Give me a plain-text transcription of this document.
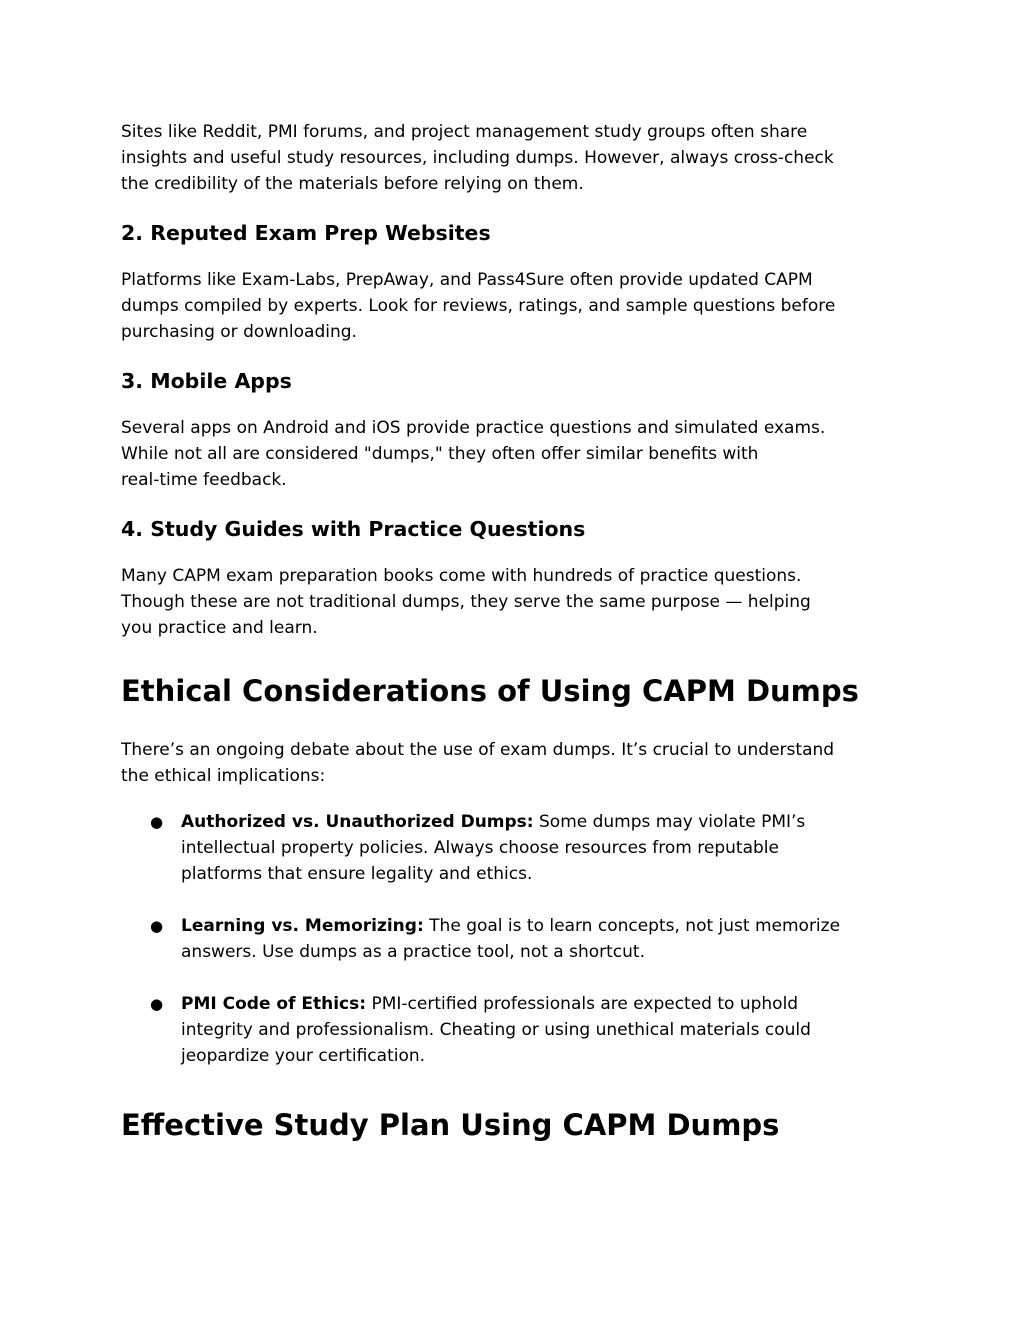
Sites like Reddit, PMI forums, and project management study groups often share
insights and useful study resources, including dumps. However, always cross-check
the credibility of the materials before relying on them.

2. Reputed Exam Prep Websites

Platforms like Exam-Labs, PrepAway, and Pass4Sure often provide updated CAPM
dumps compiled by experts. Look for reviews, ratings, and sample questions before
purchasing or downloading.

3. Mobile Apps

Several apps on Android and iOS provide practice questions and simulated exams.
While not all are considered "dumps," they often offer similar benefits with
real-time feedback.

4. Study Guides with Practice Questions

Many CAPM exam preparation books come with hundreds of practice questions.
Though these are not traditional dumps, they serve the same purpose — helping
you practice and learn.

Ethical Considerations of Using CAPM Dumps

There’s an ongoing debate about the use of exam dumps. It’s crucial to understand
the ethical implications:

● Authorized vs. Unauthorized Dumps: Some dumps may violate PMI’s
intellectual property policies. Always choose resources from reputable
platforms that ensure legality and ethics.
● Learning vs. Memorizing: The goal is to learn concepts, not just memorize
answers. Use dumps as a practice tool, not a shortcut.
● PMI Code of Ethics: PMI-certified professionals are expected to uphold
integrity and professionalism. Cheating or using unethical materials could
jeopardize your certification.
Effective Study Plan Using CAPM Dumps
